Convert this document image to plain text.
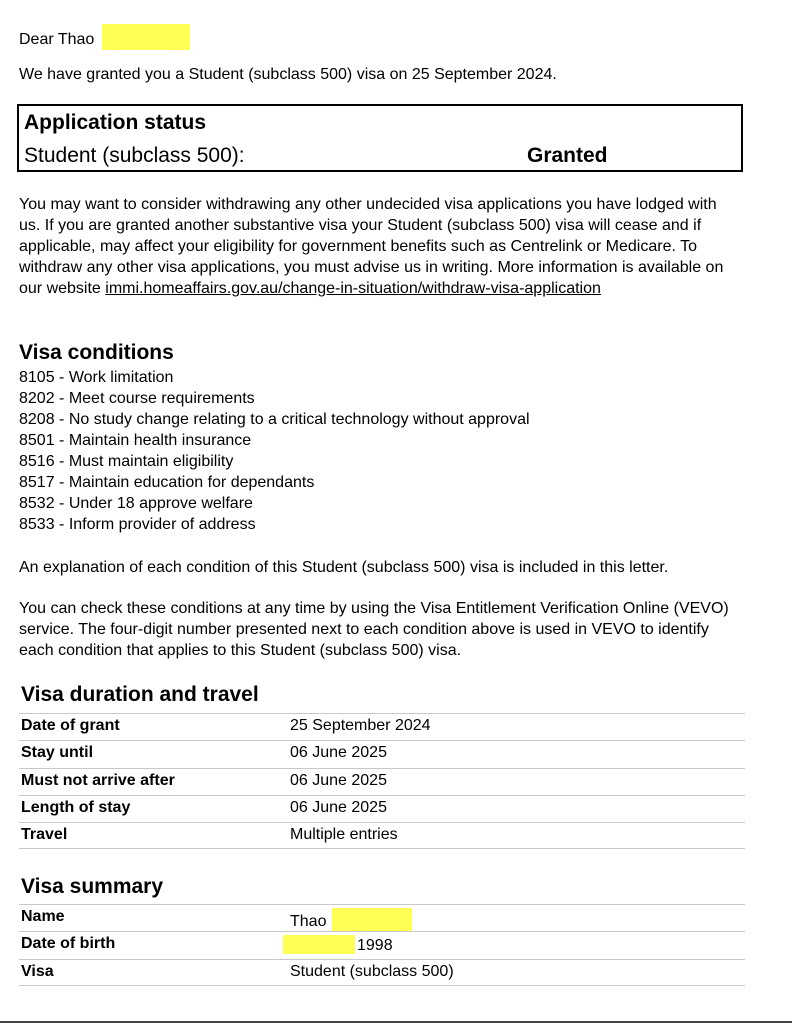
Dear Thao
We have granted you a Student (subclass 500) visa on 25 September 2024.
Application status
Student (subclass 500):	Granted
You may want to consider withdrawing any other undecided visa applications you have lodged with us. If you are granted another substantive visa your Student (subclass 500) visa will cease and if applicable, may affect your eligibility for government benefits such as Centrelink or Medicare. To withdraw any other visa applications, you must advise us in writing. More information is available on our website immi.homeaffairs.gov.au/change-in-situation/withdraw-visa-application
Visa conditions
8105 - Work limitation
8202 - Meet course requirements
8208 - No study change relating to a critical technology without approval
8501 - Maintain health insurance
8516 - Must maintain eligibility
8517 - Maintain education for dependants
8532 - Under 18 approve welfare
8533 - Inform provider of address
An explanation of each condition of this Student (subclass 500) visa is included in this letter.
You can check these conditions at any time by using the Visa Entitlement Verification Online (VEVO) service. The four-digit number presented next to each condition above is used in VEVO to identify each condition that applies to this Student (subclass 500) visa.
Visa duration and travel
Date of grant	25 September 2024
Stay until	06 June 2025
Must not arrive after	06 June 2025
Length of stay	06 June 2025
Travel	Multiple entries
Visa summary
Name	Thao
Date of birth	1998
Visa	Student (subclass 500)
